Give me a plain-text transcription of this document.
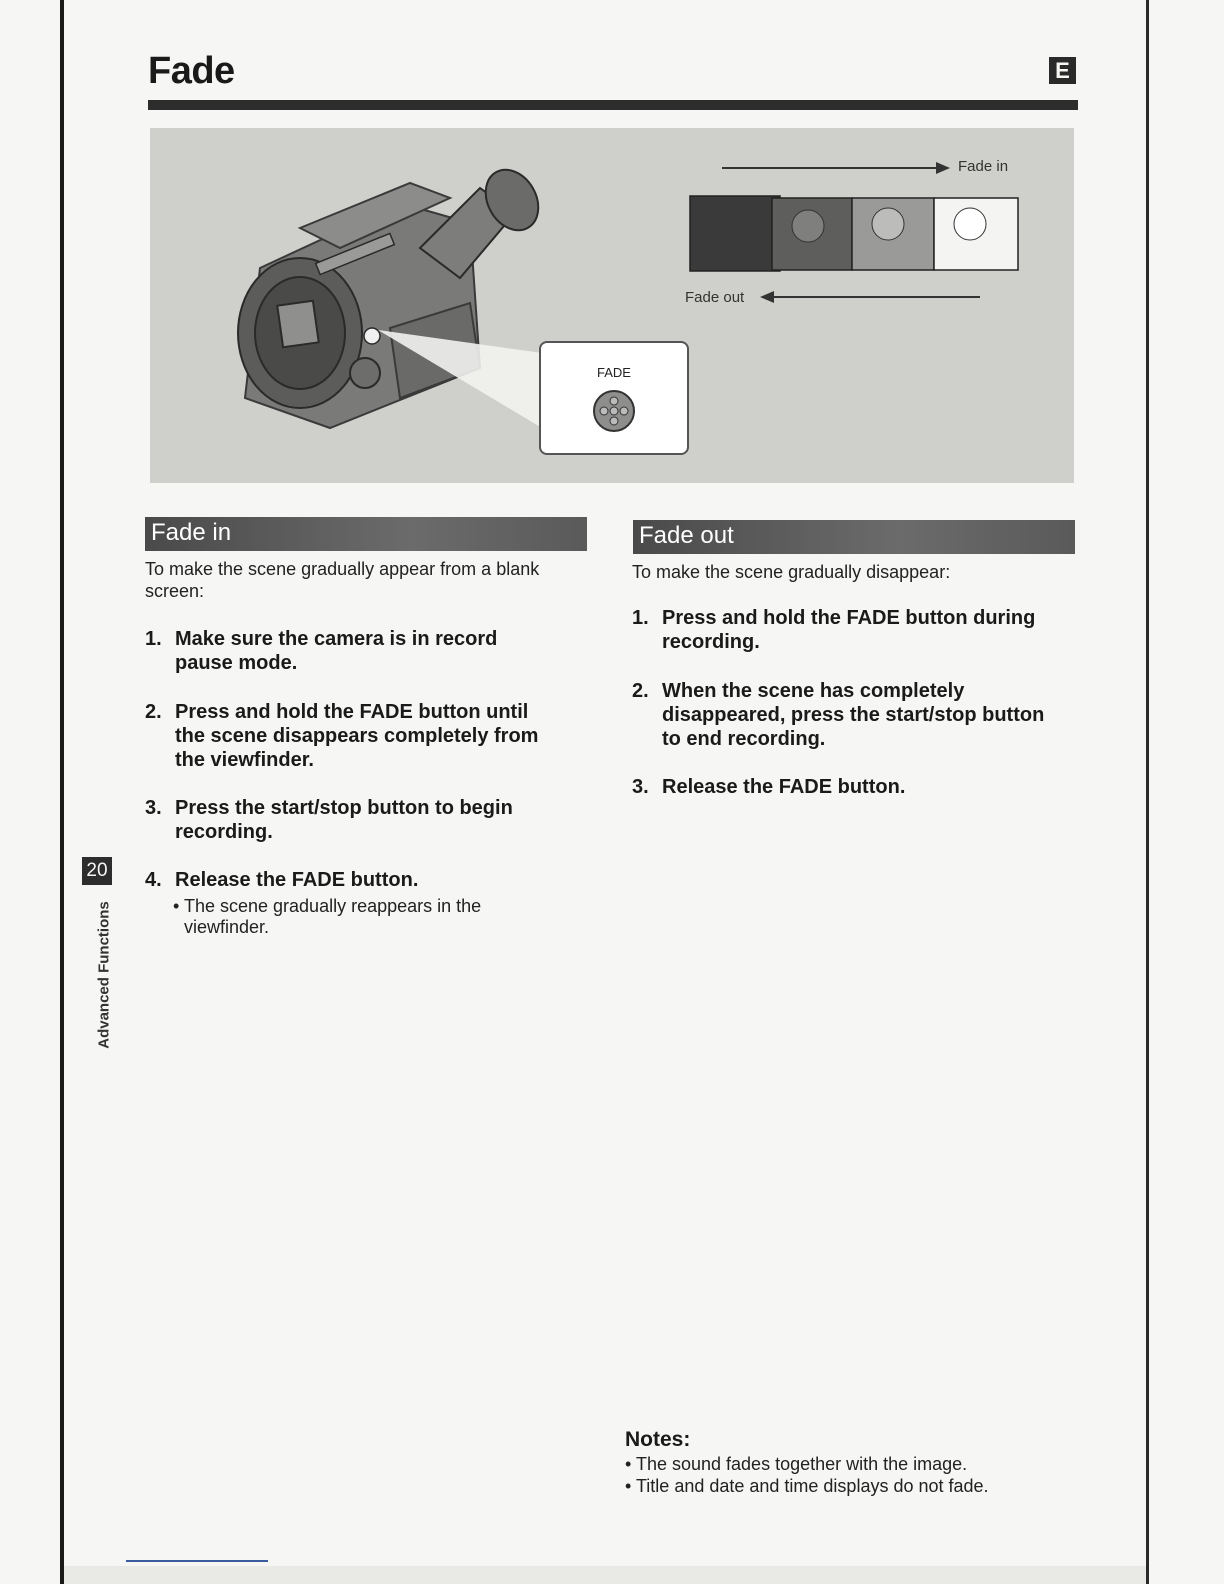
Fade	E
FADE
Fade in
Fade out
Fade in

To make the scene gradually appear from a blank
screen:

1. Make sure the camera is in record
pause mode.
2. Press and hold the FADE button until
the scene disappears completely from
the viewfinder.
3. Press the start/stop button to begin
recording.
4. Release the FADE button.
• The scene gradually reappears in the
viewfinder.
Fade out

To make the scene gradually disappear:

1. Press and hold the FADE button during
recording.
2. When the scene has completely
disappeared, press the start/stop button
to end recording.
3. Release the FADE button.
20
Advanced Functions
Notes:
• The sound fades together with the image.
• Title and date and time displays do not fade.
